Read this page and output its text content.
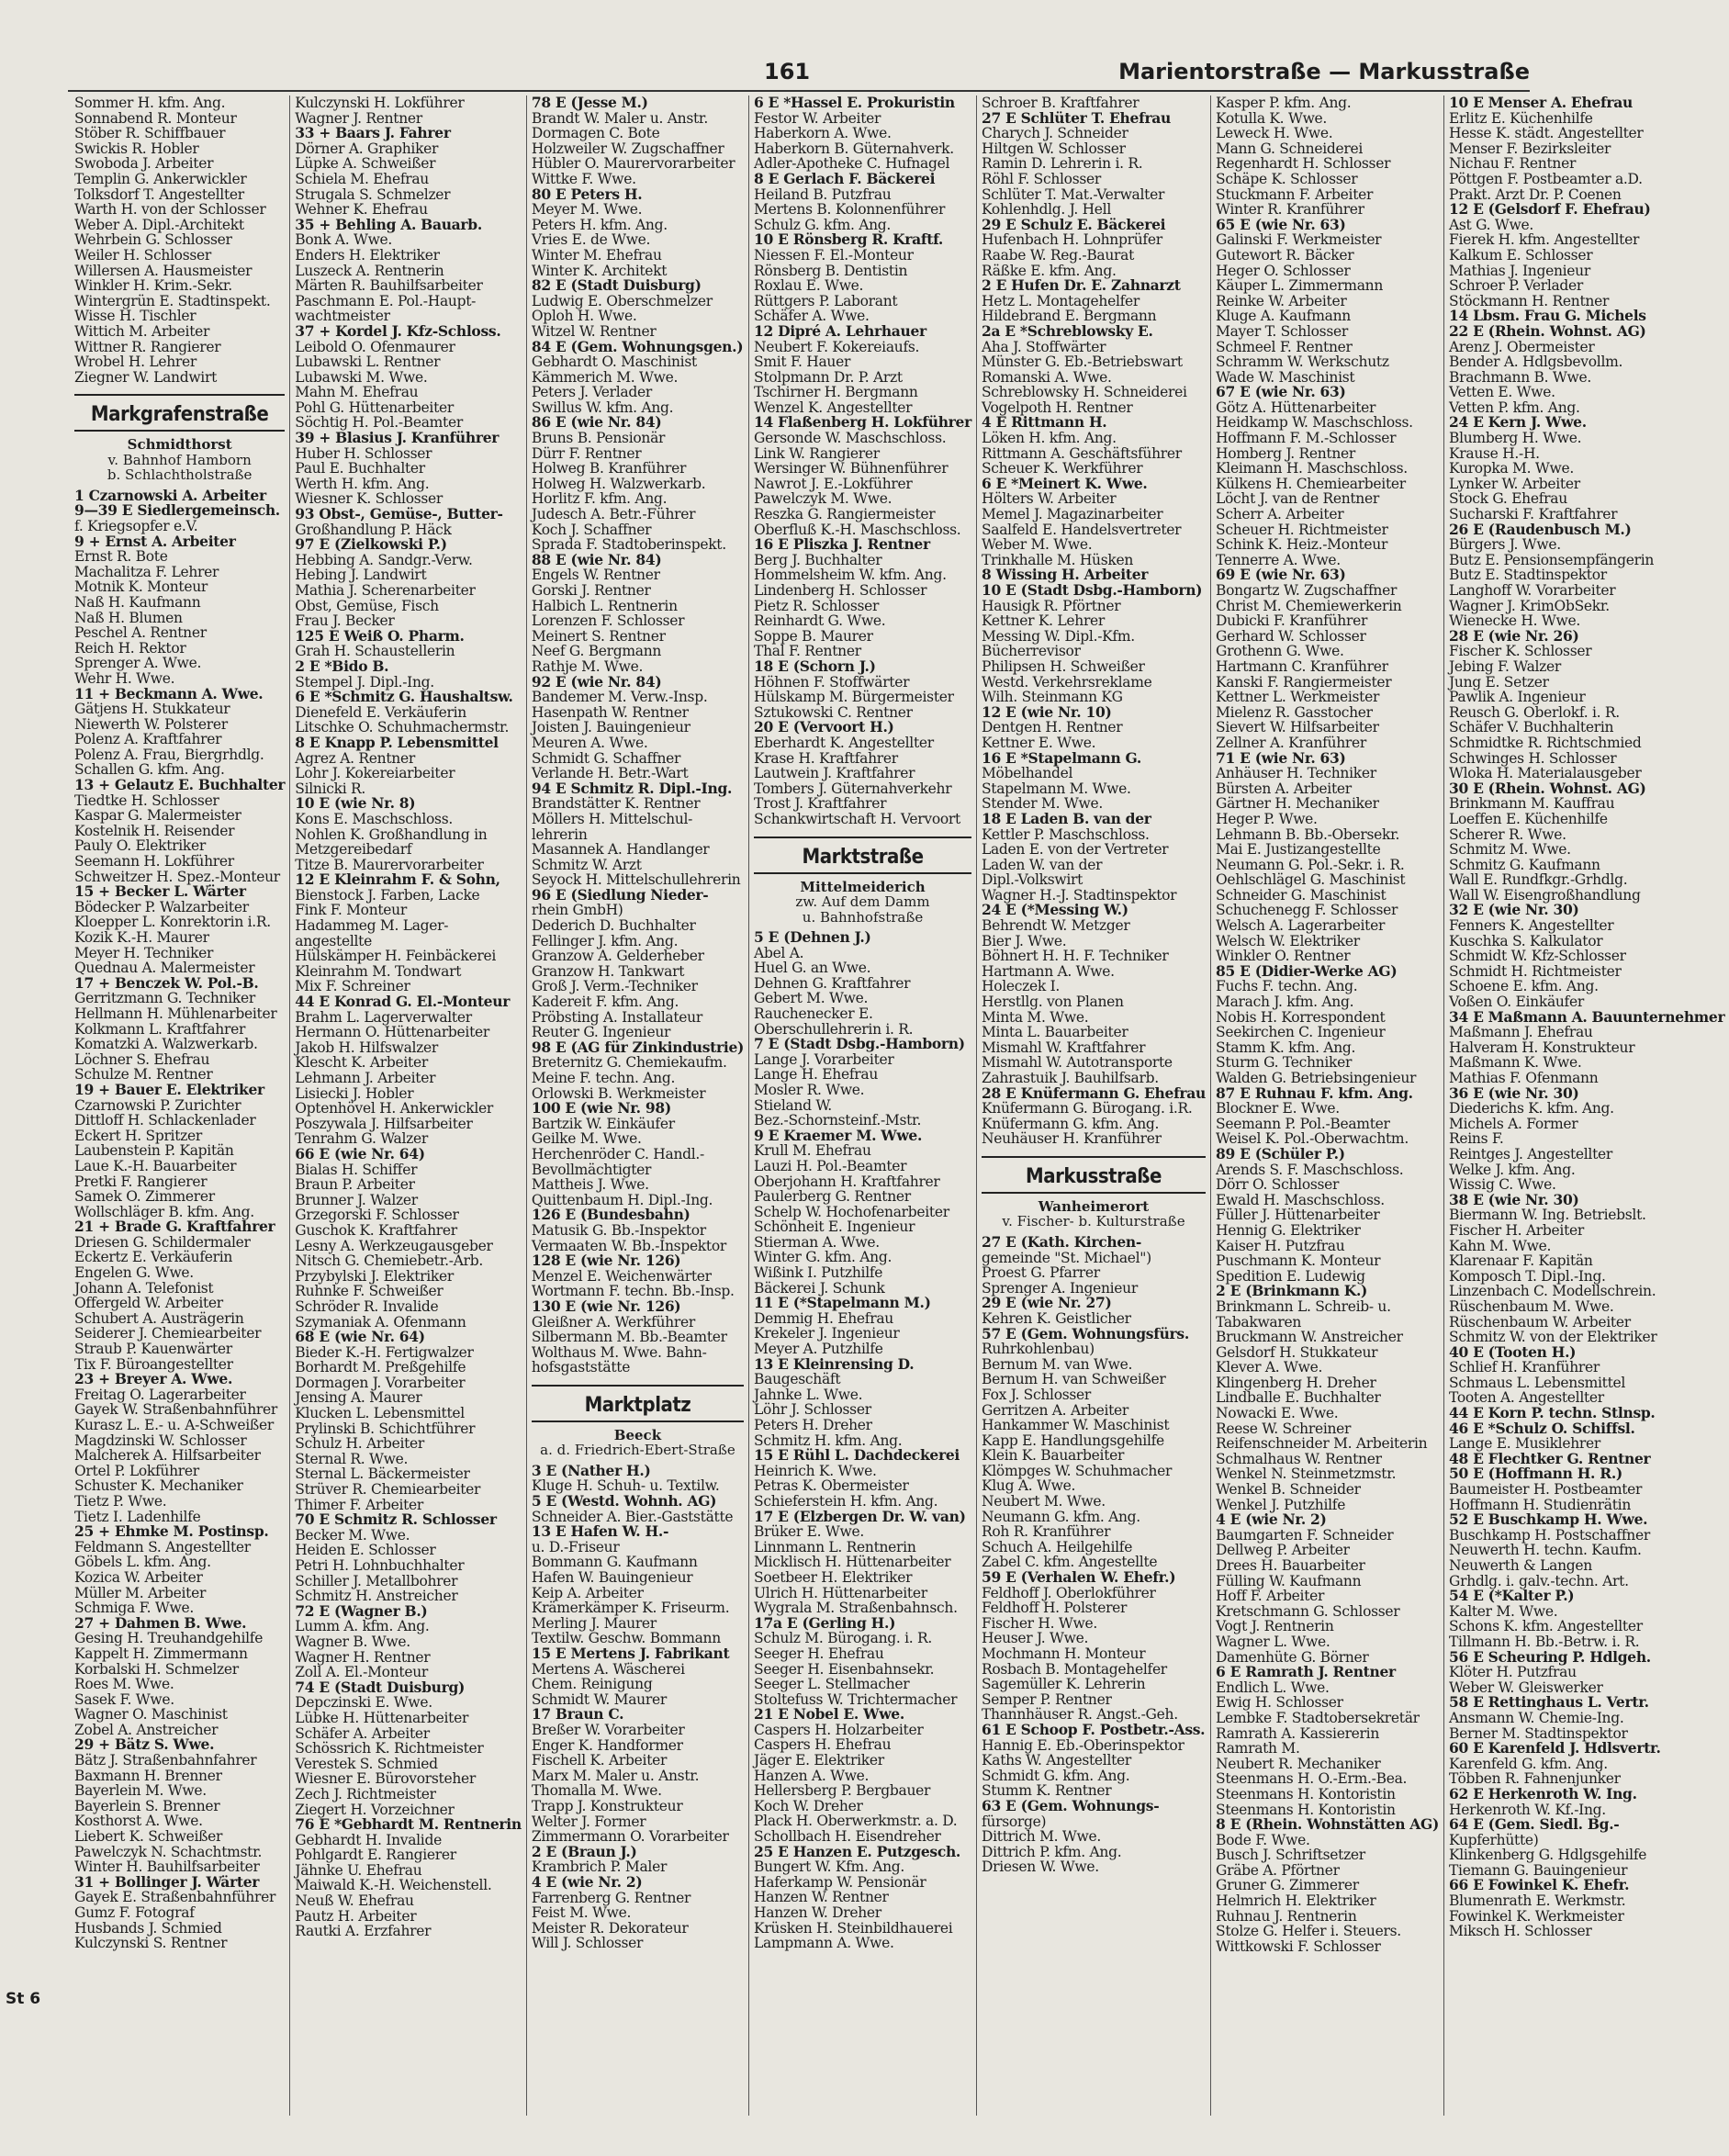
161	Marientorstraße — Markusstraße
Sommer H. kfm. Ang.
Sonnabend R. Monteur
Stöber R. Schiffbauer
Swickis R. Hobler
Swoboda J. Arbeiter
Templin G. Ankerwickler
Tolksdorf T. Angestellter
Warth H. von der Schlosser
Weber A. Dipl.-Architekt
Wehrbein G. Schlosser
Weiler H. Schlosser
Willersen A. Hausmeister
Winkler H. Krim.-Sekr.
Wintergrün E. Stadtinspekt.
Wisse H. Tischler
Wittich M. Arbeiter
Wittner R. Rangierer
Wrobel H. Lehrer
Ziegner W. Landwirt
Markgrafenstraße
Schmidthorst
v. Bahnhof Hamborn
b. Schlachtholstraße
1 Czarnowski A. Arbeiter
9—39 E Siedlergemeinsch.
f. Kriegsopfer e.V.
9 + Ernst A. Arbeiter
Ernst R. Bote
Machalitza F. Lehrer
Motnik K. Monteur
Naß H. Kaufmann
Naß H. Blumen
Peschel A. Rentner
Reich H. Rektor
Sprenger A. Wwe.
Wehr H. Wwe.
11 + Beckmann A. Wwe.
Gätjens H. Stukkateur
Niewerth W. Polsterer
Polenz A. Kraftfahrer
Polenz A. Frau, Biergrhdlg.
Schallen G. kfm. Ang.
13 + Gelautz E. Buchhalter
Tiedtke H. Schlosser
Kaspar G. Malermeister
Kostelnik H. Reisender
Pauly O. Elektriker
Seemann H. Lokführer
Schweitzer H. Spez.-Monteur
15 + Becker L. Wärter
Bödecker P. Walzarbeiter
Kloepper L. Konrektorin i.R.
Kozik K.-H. Maurer
Meyer H. Techniker
Quednau A. Malermeister
17 + Benczek W. Pol.-B.
Gerritzmann G. Techniker
Hellmann H. Mühlenarbeiter
Kolkmann L. Kraftfahrer
Komatzki A. Walzwerkarb.
Löchner S. Ehefrau
Schulze M. Rentner
19 + Bauer E. Elektriker
Czarnowski P. Zurichter
Dittloff H. Schlackenlader
Eckert H. Spritzer
Laubenstein P. Kapitän
Laue K.-H. Bauarbeiter
Pretki F. Rangierer
Samek O. Zimmerer
Wollschläger B. kfm. Ang.
21 + Brade G. Kraftfahrer
Driesen G. Schildermaler
Eckertz E. Verkäuferin
Engelen G. Wwe.
Johann A. Telefonist
Offergeld W. Arbeiter
Schubert A. Austrägerin
Seiderer J. Chemiearbeiter
Straub P. Kauenwärter
Tix F. Büroangestellter
23 + Breyer A. Wwe.
Freitag O. Lagerarbeiter
Gayek W. Straßenbahnführer
Kurasz L. E.- u. A-Schweißer
Magdzinski W. Schlosser
Malcherek A. Hilfsarbeiter
Ortel P. Lokführer
Schuster K. Mechaniker
Tietz P. Wwe.
Tietz I. Ladenhilfe
25 + Ehmke M. Postinsp.
Feldmann S. Angestellter
Göbels L. kfm. Ang.
Kozica W. Arbeiter
Müller M. Arbeiter
Schmiga F. Wwe.
27 + Dahmen B. Wwe.
Gesing H. Treuhandgehilfe
Kappelt H. Zimmermann
Korbalski H. Schmelzer
Roes M. Wwe.
Sasek F. Wwe.
Wagner O. Maschinist
Zobel A. Anstreicher
29 + Bätz S. Wwe.
Bätz J. Straßenbahnfahrer
Baxmann H. Brenner
Bayerlein M. Wwe.
Bayerlein S. Brenner
Kosthorst A. Wwe.
Liebert K. Schweißer
Pawelczyk N. Schachtmstr.
Winter H. Bauhilfsarbeiter
31 + Bollinger J. Wärter
Gayek E. Straßenbahnführer
Gumz F. Fotograf
Husbands J. Schmied
Kulczynski S. Rentner
Kulczynski H. Lokführer
Wagner J. Rentner
33 + Baars J. Fahrer
Dörner A. Graphiker
Lüpke A. Schweißer
Schiela M. Ehefrau
Strugala S. Schmelzer
Wehner K. Ehefrau
35 + Behling A. Bauarb.
Bonk A. Wwe.
Enders H. Elektriker
Luszeck A. Rentnerin
Märten R. Bauhilfsarbeiter
Paschmann E. Pol.-Haupt-
wachtmeister
37 + Kordel J. Kfz-Schloss.
Leibold O. Ofenmaurer
Lubawski L. Rentner
Lubawski M. Wwe.
Mahn M. Ehefrau
Pohl G. Hüttenarbeiter
Söchtig H. Pol.-Beamter
39 + Blasius J. Kranführer
Huber H. Schlosser
Paul E. Buchhalter
Werth H. kfm. Ang.
Wiesner K. Schlosser
93 Obst-, Gemüse-, Butter-
Großhandlung P. Häck
97 E (Zielkowski P.)
Hebbing A. Sandgr.-Verw.
Hebing J. Landwirt
Mathia J. Scherenarbeiter
Obst, Gemüse, Fisch
Frau J. Becker
125 E Weiß O. Pharm.
Grah H. Schaustellerin
2 E *Bido B.
Stempel J. Dipl.-Ing.
6 E *Schmitz G. Haushaltsw.
Dienefeld E. Verkäuferin
Litschke O. Schuhmachermstr.
8 E Knapp P. Lebensmittel
Agrez A. Rentner
Lohr J. Kokereiarbeiter
Silnicki R.
10 E (wie Nr. 8)
Kons E. Maschschloss.
Nohlen K. Großhandlung in
Metzgereibedarf
Titze B. Maurervorarbeiter
12 E Kleinrahm F. & Sohn,
Bienstock J. Farben, Lacke
Fink F. Monteur
Hadammeg M. Lager-
angestellte
Hülskämper H. Feinbäckerei
Kleinrahm M. Tondwart
Mix F. Schreiner
44 E Konrad G. El.-Monteur
Brahm L. Lagerverwalter
Hermann O. Hüttenarbeiter
Jakob H. Hilfswalzer
Klescht K. Arbeiter
Lehmann J. Arbeiter
Lisiecki J. Hobler
Optenhövel H. Ankerwickler
Poszywala J. Hilfsarbeiter
Tenrahm G. Walzer
66 E (wie Nr. 64)
Bialas H. Schiffer
Braun P. Arbeiter
Brunner J. Walzer
Grzegorski F. Schlosser
Guschok K. Kraftfahrer
Lesny A. Werkzeugausgeber
Nitsch G. Chemiebetr.-Arb.
Przybylski J. Elektriker
Ruhnke F. Schweißer
Schröder R. Invalide
Szymaniak A. Ofenmann
68 E (wie Nr. 64)
Bieder K.-H. Fertigwalzer
Borhardt M. Preßgehilfe
Dormagen J. Vorarbeiter
Jensing A. Maurer
Klucken L. Lebensmittel
Prylinski B. Schichtführer
Schulz H. Arbeiter
Sternal R. Wwe.
Sternal L. Bäckermeister
Strüver R. Chemiearbeiter
Thimer F. Arbeiter
70 E Schmitz R. Schlosser
Becker M. Wwe.
Heiden E. Schlosser
Petri H. Lohnbuchhalter
Schiller J. Metallbohrer
Schmitz H. Anstreicher
72 E (Wagner B.)
Lumm A. kfm. Ang.
Wagner B. Wwe.
Wagner H. Rentner
Zoll A. El.-Monteur
74 E (Stadt Duisburg)
Depczinski E. Wwe.
Lübke H. Hüttenarbeiter
Schäfer A. Arbeiter
Schössrich K. Richtmeister
Verestek S. Schmied
Wiesner E. Bürovorsteher
Zech J. Richtmeister
Ziegert H. Vorzeichner
76 E *Gebhardt M. Rentnerin
Gebhardt H. Invalide
Pohlgardt E. Rangierer
Jähnke U. Ehefrau
Maiwald K.-H. Weichenstell.
Neuß W. Ehefrau
Pautz H. Arbeiter
Rautki A. Erzfahrer
78 E (Jesse M.)
Brandt W. Maler u. Anstr.
Dormagen C. Bote
Holzweiler W. Zugschaffner
Hübler O. Maurervorarbeiter
Wittke F. Wwe.
80 E Peters H.
Meyer M. Wwe.
Peters H. kfm. Ang.
Vries E. de Wwe.
Winter M. Ehefrau
Winter K. Architekt
82 E (Stadt Duisburg)
Ludwig E. Oberschmelzer
Oploh H. Wwe.
Witzel W. Rentner
84 E (Gem. Wohnungsgen.)
Gebhardt O. Maschinist
Kämmerich M. Wwe.
Peters J. Verlader
Swillus W. kfm. Ang.
86 E (wie Nr. 84)
Bruns B. Pensionär
Dürr F. Rentner
Holweg B. Kranführer
Holweg H. Walzwerkarb.
Horlitz F. kfm. Ang.
Judesch A. Betr.-Führer
Koch J. Schaffner
Sprada F. Stadtoberinspekt.
88 E (wie Nr. 84)
Engels W. Rentner
Gorski J. Rentner
Halbich L. Rentnerin
Lorenzen F. Schlosser
Meinert S. Rentner
Neef G. Bergmann
Rathje M. Wwe.
92 E (wie Nr. 84)
Bandemer M. Verw.-Insp.
Hasenpath W. Rentner
Joisten J. Bauingenieur
Meuren A. Wwe.
Schmidt G. Schaffner
Verlande H. Betr.-Wart
94 E Schmitz R. Dipl.-Ing.
Brandstätter K. Rentner
Möllers H. Mittelschul-
lehrerin
Masannek A. Handlanger
Schmitz W. Arzt
Seyock H. Mittelschullehrerin
96 E (Siedlung Nieder-
rhein GmbH)
Dederich D. Buchhalter
Fellinger J. kfm. Ang.
Granzow A. Gelderheber
Granzow H. Tankwart
Groß J. Verm.-Techniker
Kadereit F. kfm. Ang.
Pröbsting A. Installateur
Reuter G. Ingenieur
98 E (AG für Zinkindustrie)
Breternitz G. Chemiekaufm.
Meine F. techn. Ang.
Orlowski B. Werkmeister
100 E (wie Nr. 98)
Bartzik W. Einkäufer
Geilke M. Wwe.
Herchenröder C. Handl.-
Bevollmächtigter
Mattheis J. Wwe.
Quittenbaum H. Dipl.-Ing.
126 E (Bundesbahn)
Matusik G. Bb.-Inspektor
Vermaaten W. Bb.-Inspektor
128 E (wie Nr. 126)
Menzel E. Weichenwärter
Wortmann F. techn. Bb.-Insp.
130 E (wie Nr. 126)
Gleißner A. Werkführer
Silbermann M. Bb.-Beamter
Wolthaus M. Wwe. Bahn-
hofsgaststätte
Marktplatz
Beeck
a. d. Friedrich-Ebert-Straße
3 E (Nather H.)
Kluge H. Schuh- u. Textilw.
5 E (Westd. Wohnh. AG)
Schneider A. Bier.-Gaststätte
13 E Hafen W. H.-
u. D.-Friseur
Bommann G. Kaufmann
Hafen W. Bauingenieur
Keip A. Arbeiter
Krämerkämper K. Friseurm.
Merling J. Maurer
Textilw. Geschw. Bommann
15 E Mertens J. Fabrikant
Mertens A. Wäscherei
Chem. Reinigung
Schmidt W. Maurer
17 Braun C.
Breßer W. Vorarbeiter
Enger K. Handformer
Fischell K. Arbeiter
Marx M. Maler u. Anstr.
Thomalla M. Wwe.
Trapp J. Konstrukteur
Welter J. Former
Zimmermann O. Vorarbeiter
2 E (Braun J.)
Krambrich P. Maler
4 E (wie Nr. 2)
Farrenberg G. Rentner
Feist M. Wwe.
Meister R. Dekorateur
Will J. Schlosser
6 E *Hassel E. Prokuristin
Festor W. Arbeiter
Haberkorn A. Wwe.
Haberkorn B. Güternahverk.
Adler-Apotheke C. Hufnagel
8 E Gerlach F. Bäckerei
Heiland B. Putzfrau
Mertens B. Kolonnenführer
Schulz G. kfm. Ang.
10 E Rönsberg R. Kraftf.
Niessen F. El.-Monteur
Rönsberg B. Dentistin
Roxlau E. Wwe.
Rüttgers P. Laborant
Schäfer A. Wwe.
12 Dipré A. Lehrhauer
Neubert F. Kokereiaufs.
Smit F. Hauer
Stolpmann Dr. P. Arzt
Tschirner H. Bergmann
Wenzel K. Angestellter
14 Flaßenberg H. Lokführer
Gersonde W. Maschschloss.
Link W. Rangierer
Wersinger W. Bühnenführer
Nawrot J. E.-Lokführer
Pawelczyk M. Wwe.
Reszka G. Rangiermeister
Oberfluß K.-H. Maschschloss.
16 E Pliszka J. Rentner
Berg J. Buchhalter
Hommelsheim W. kfm. Ang.
Lindenberg H. Schlosser
Pietz R. Schlosser
Reinhardt G. Wwe.
Soppe B. Maurer
Thal F. Rentner
18 E (Schorn J.)
Höhnen F. Stoffwärter
Hülskamp M. Bürgermeister
Sztukowski C. Rentner
20 E (Vervoort H.)
Eberhardt K. Angestellter
Krase H. Kraftfahrer
Lautwein J. Kraftfahrer
Tombers J. Güternahverkehr
Trost J. Kraftfahrer
Schankwirtschaft H. Vervoort
Marktstraße
Mittelmeiderich
zw. Auf dem Damm
u. Bahnhofstraße
5 E (Dehnen J.)
Abel A.
Huel G. an Wwe.
Dehnen G. Kraftfahrer
Gebert M. Wwe.
Rauchenecker E.
Oberschullehrerin i. R.
7 E (Stadt Dsbg.-Hamborn)
Lange J. Vorarbeiter
Lange H. Ehefrau
Mosler R. Wwe.
Stieland W.
Bez.-Schornsteinf.-Mstr.
9 E Kraemer M. Wwe.
Krull M. Ehefrau
Lauzi H. Pol.-Beamter
Oberjohann H. Kraftfahrer
Paulerberg G. Rentner
Schelp W. Hochofenarbeiter
Schönheit E. Ingenieur
Stierman A. Wwe.
Winter G. kfm. Ang.
Wißink I. Putzhilfe
Bäckerei J. Schunk
11 E (*Stapelmann M.)
Demmig H. Ehefrau
Krekeler J. Ingenieur
Meyer A. Putzhilfe
13 E Kleinrensing D.
Baugeschäft
Jahnke L. Wwe.
Löhr J. Schlosser
Peters H. Dreher
Schmitz H. kfm. Ang.
15 E Rühl L. Dachdeckerei
Heinrich K. Wwe.
Petras K. Obermeister
Schieferstein H. kfm. Ang.
17 E (Elzbergen Dr. W. van)
Brüker E. Wwe.
Linnmann L. Rentnerin
Micklisch H. Hüttenarbeiter
Soetbeer H. Elektriker
Ulrich H. Hüttenarbeiter
Wygrala M. Straßenbahnsch.
17a E (Gerling H.)
Schulz M. Bürogang. i. R.
Seeger H. Ehefrau
Seeger H. Eisenbahnsekr.
Seeger L. Stellmacher
Stoltefuss W. Trichtermacher
21 E Nobel E. Wwe.
Caspers H. Holzarbeiter
Caspers H. Ehefrau
Jäger E. Elektriker
Hanzen A. Wwe.
Hellersberg P. Bergbauer
Koch W. Dreher
Plack H. Oberwerkmstr. a. D.
Schollbach H. Eisendreher
25 E Hanzen E. Putzgesch.
Bungert W. Kfm. Ang.
Haferkamp W. Pensionär
Hanzen W. Rentner
Hanzen W. Dreher
Krüsken H. Steinbildhauerei
Lampmann A. Wwe.
Schroer B. Kraftfahrer
27 E Schlüter T. Ehefrau
Charych J. Schneider
Hiltgen W. Schlosser
Ramin D. Lehrerin i. R.
Röhl F. Schlosser
Schlüter T. Mat.-Verwalter
Kohlenhdlg. J. Hell
29 E Schulz E. Bäckerei
Hufenbach H. Lohnprüfer
Raabe W. Reg.-Baurat
Räßke E. kfm. Ang.
2 E Hufen Dr. E. Zahnarzt
Hetz L. Montagehelfer
Hildebrand E. Bergmann
2a E *Schreblowsky E.
Aha J. Stoffwärter
Münster G. Eb.-Betriebswart
Romanski A. Wwe.
Schreblowsky H. Schneiderei
Vogelpoth H. Rentner
4 E Rittmann H.
Löken H. kfm. Ang.
Rittmann A. Geschäftsführer
Scheuer K. Werkführer
6 E *Meinert K. Wwe.
Hölters W. Arbeiter
Memel J. Magazinarbeiter
Saalfeld E. Handelsvertreter
Weber M. Wwe.
Trinkhalle M. Hüsken
8 Wissing H. Arbeiter
10 E (Stadt Dsbg.-Hamborn)
Hausigk R. Pförtner
Kettner K. Lehrer
Messing W. Dipl.-Kfm.
Bücherrevisor
Philipsen H. Schweißer
Westd. Verkehrsreklame
Wilh. Steinmann KG
12 E (wie Nr. 10)
Dentgen H. Rentner
Kettner E. Wwe.
16 E *Stapelmann G.
Möbelhandel
Stapelmann M. Wwe.
Stender M. Wwe.
18 E Laden B. van der
Kettler P. Maschschloss.
Laden E. von der Vertreter
Laden W. van der
Dipl.-Volkswirt
Wagner H.-J. Stadtinspektor
24 E (*Messing W.)
Behrendt W. Metzger
Bier J. Wwe.
Böhnert H. H. F. Techniker
Hartmann A. Wwe.
Holeczek I.
Herstllg. von Planen
Minta M. Wwe.
Minta L. Bauarbeiter
Mismahl W. Kraftfahrer
Mismahl W. Autotransporte
Zahrastuik J. Bauhilfsarb.
28 E Knüfermann G. Ehefrau
Knüfermann G. Bürogang. i.R.
Knüfermann G. kfm. Ang.
Neuhäuser H. Kranführer
Markusstraße
Wanheimerort
v. Fischer- b. Kulturstraße
27 E (Kath. Kirchen-
gemeinde "St. Michael")
Proest G. Pfarrer
Sprenger A. Ingenieur
29 E (wie Nr. 27)
Kehren K. Geistlicher
57 E (Gem. Wohnungsfürs.
Ruhrkohlenbau)
Bernum M. van Wwe.
Bernum H. van Schweißer
Fox J. Schlosser
Gerritzen A. Arbeiter
Hankammer W. Maschinist
Kapp E. Handlungsgehilfe
Klein K. Bauarbeiter
Klömpges W. Schuhmacher
Klug A. Wwe.
Neubert M. Wwe.
Neumann G. kfm. Ang.
Roh R. Kranführer
Schuch A. Heilgehilfe
Zabel C. kfm. Angestellte
59 E (Verhalen W. Ehefr.)
Feldhoff J. Oberlokführer
Feldhoff H. Polsterer
Fischer H. Wwe.
Heuser J. Wwe.
Mochmann H. Monteur
Rosbach B. Montagehelfer
Sagemüller K. Lehrerin
Semper P. Rentner
Thannhäuser R. Angst.-Geh.
61 E Schoop F. Postbetr.-Ass.
Hannig E. Eb.-Oberinspektor
Kaths W. Angestellter
Schmidt G. kfm. Ang.
Stumm K. Rentner
63 E (Gem. Wohnungs-
fürsorge)
Dittrich M. Wwe.
Dittrich P. kfm. Ang.
Driesen W. Wwe.
Kasper P. kfm. Ang.
Kotulla K. Wwe.
Leweck H. Wwe.
Mann G. Schneiderei
Regenhardt H. Schlosser
Schäpe K. Schlosser
Stuckmann F. Arbeiter
Winter R. Kranführer
65 E (wie Nr. 63)
Galinski F. Werkmeister
Gutewort R. Bäcker
Heger O. Schlosser
Käuper L. Zimmermann
Reinke W. Arbeiter
Kluge A. Kaufmann
Mayer T. Schlosser
Schmeel F. Rentner
Schramm W. Werkschutz
Wade W. Maschinist
67 E (wie Nr. 63)
Götz A. Hüttenarbeiter
Heidkamp W. Maschschloss.
Hoffmann F. M.-Schlosser
Homberg J. Rentner
Kleimann H. Maschschloss.
Külkens H. Chemiearbeiter
Löcht J. van de Rentner
Scherr A. Arbeiter
Scheuer H. Richtmeister
Schink K. Heiz.-Monteur
Tennerre A. Wwe.
69 E (wie Nr. 63)
Bongartz W. Zugschaffner
Christ M. Chemiewerkerin
Dubicki F. Kranführer
Gerhard W. Schlosser
Grothenn G. Wwe.
Hartmann C. Kranführer
Kanski F. Rangiermeister
Kettner L. Werkmeister
Mielenz R. Gasstocher
Sievert W. Hilfsarbeiter
Zellner A. Kranführer
71 E (wie Nr. 63)
Anhäuser H. Techniker
Bürsten A. Arbeiter
Gärtner H. Mechaniker
Heger P. Wwe.
Lehmann B. Bb.-Obersekr.
Mai E. Justizangestellte
Neumann G. Pol.-Sekr. i. R.
Oehlschlägel G. Maschinist
Schneider G. Maschinist
Schuchenegg F. Schlosser
Welsch A. Lagerarbeiter
Welsch W. Elektriker
Winkler O. Rentner
85 E (Didier-Werke AG)
Fuchs F. techn. Ang.
Marach J. kfm. Ang.
Nobis H. Korrespondent
Seekirchen C. Ingenieur
Stamm K. kfm. Ang.
Sturm G. Techniker
Walden G. Betriebsingenieur
87 E Ruhnau F. kfm. Ang.
Blockner E. Wwe.
Seemann P. Pol.-Beamter
Weisel K. Pol.-Oberwachtm.
89 E (Schüler P.)
Arends S. F. Maschschloss.
Dörr O. Schlosser
Ewald H. Maschschloss.
Füller J. Hüttenarbeiter
Hennig G. Elektriker
Kaiser H. Putzfrau
Puschmann K. Monteur
Spedition E. Ludewig
2 E (Brinkmann K.)
Brinkmann L. Schreib- u.
Tabakwaren
Bruckmann W. Anstreicher
Gelsdorf H. Stukkateur
Klever A. Wwe.
Klingenberg H. Dreher
Lindballe E. Buchhalter
Nowacki E. Wwe.
Reese W. Schreiner
Reifenschneider M. Arbeiterin
Schmalhaus W. Rentner
Wenkel N. Steinmetzmstr.
Wenkel B. Schneider
Wenkel J. Putzhilfe
4 E (wie Nr. 2)
Baumgarten F. Schneider
Dellweg P. Arbeiter
Drees H. Bauarbeiter
Fülling W. Kaufmann
Hoff F. Arbeiter
Kretschmann G. Schlosser
Vogt J. Rentnerin
Wagner L. Wwe.
Damenhüte G. Börner
6 E Ramrath J. Rentner
Endlich L. Wwe.
Ewig H. Schlosser
Lembke F. Stadtobersekretär
Ramrath A. Kassiererin
Ramrath M.
Neubert R. Mechaniker
Steenmans H. O.-Erm.-Bea.
Steenmans H. Kontoristin
Steenmans H. Kontoristin
8 E (Rhein. Wohnstätten AG)
Bode F. Wwe.
Busch J. Schriftsetzer
Gräbe A. Pförtner
Gruner G. Zimmerer
Helmrich H. Elektriker
Ruhnau J. Rentnerin
Stolze G. Helfer i. Steuers.
Wittkowski F. Schlosser
10 E Menser A. Ehefrau
Erlitz E. Küchenhilfe
Hesse K. städt. Angestellter
Menser F. Bezirksleiter
Nichau F. Rentner
Pöttgen F. Postbeamter a.D.
Prakt. Arzt Dr. P. Coenen
12 E (Gelsdorf F. Ehefrau)
Ast G. Wwe.
Fierek H. kfm. Angestellter
Kalkum E. Schlosser
Mathias J. Ingenieur
Schroer P. Verlader
Stöckmann H. Rentner
14 Lbsm. Frau G. Michels
22 E (Rhein. Wohnst. AG)
Arenz J. Obermeister
Bender A. Hdlgsbevollm.
Brachmann B. Wwe.
Vetten E. Wwe.
Vetten P. kfm. Ang.
24 E Kern J. Wwe.
Blumberg H. Wwe.
Krause H.-H.
Kuropka M. Wwe.
Lynker W. Arbeiter
Stock G. Ehefrau
Sucharski F. Kraftfahrer
26 E (Raudenbusch M.)
Bürgers J. Wwe.
Butz E. Pensionsempfängerin
Butz E. Stadtinspektor
Langhoff W. Vorarbeiter
Wagner J. KrimObSekr.
Wienecke H. Wwe.
28 E (wie Nr. 26)
Fischer K. Schlosser
Jebing F. Walzer
Jung E. Setzer
Pawlik A. Ingenieur
Reusch G. Oberlokf. i. R.
Schäfer V. Buchhalterin
Schmidtke R. Richtschmied
Schwinges H. Schlosser
Wloka H. Materialausgeber
30 E (Rhein. Wohnst. AG)
Brinkmann M. Kauffrau
Loeffen E. Küchenhilfe
Scherer R. Wwe.
Schmitz M. Wwe.
Schmitz G. Kaufmann
Wall E. Rundfkgr.-Grhdlg.
Wall W. Eisengroßhandlung
32 E (wie Nr. 30)
Fenners K. Angestellter
Kuschka S. Kalkulator
Schmidt W. Kfz-Schlosser
Schmidt H. Richtmeister
Schoene E. kfm. Ang.
Voßen O. Einkäufer
34 E Maßmann A. Bauunternehmer
Maßmann J. Ehefrau
Halveram H. Konstrukteur
Maßmann K. Wwe.
Mathias F. Ofenmann
36 E (wie Nr. 30)
Diederichs K. kfm. Ang.
Michels A. Former
Reins F.
Reintges J. Angestellter
Welke J. kfm. Ang.
Wissig C. Wwe.
38 E (wie Nr. 30)
Biermann W. Ing. Betriebslt.
Fischer H. Arbeiter
Kahn M. Wwe.
Klarenaar F. Kapitän
Komposch T. Dipl.-Ing.
Linzenbach C. Modellschrein.
Rüschenbaum M. Wwe.
Rüschenbaum W. Arbeiter
Schmitz W. von der Elektriker
40 E (Tooten H.)
Schlief H. Kranführer
Schmaus L. Lebensmittel
Tooten A. Angestellter
44 E Korn P. techn. Stlnsp.
46 E *Schulz O. Schiffsl.
Lange E. Musiklehrer
48 E Flechtker G. Rentner
50 E (Hoffmann H. R.)
Baumeister H. Postbeamter
Hoffmann H. Studienrätin
52 E Buschkamp H. Wwe.
Buschkamp H. Postschaffner
Neuwerth H. techn. Kaufm.
Neuwerth & Langen
Grhdlg. i. galv.-techn. Art.
54 E (*Kalter P.)
Kalter M. Wwe.
Schons K. kfm. Angestellter
Tillmann H. Bb.-Betrw. i. R.
56 E Scheuring P. Hdlgeh.
Klöter H. Putzfrau
Weber W. Gleiswerker
58 E Rettinghaus L. Vertr.
Ansmann W. Chemie-Ing.
Berner M. Stadtinspektor
60 E Karenfeld J. Hdlsvertr.
Karenfeld G. kfm. Ang.
Többen R. Fahnenjunker
62 E Herkenroth W. Ing.
Herkenroth W. Kf.-Ing.
64 E (Gem. Siedl. Bg.-
Kupferhütte)
Klinkenberg G. Hdlgsgehilfe
Tiemann G. Bauingenieur
66 E Fowinkel K. Ehefr.
Blumenrath E. Werkmstr.
Fowinkel K. Werkmeister
Miksch H. Schlosser
St 6
